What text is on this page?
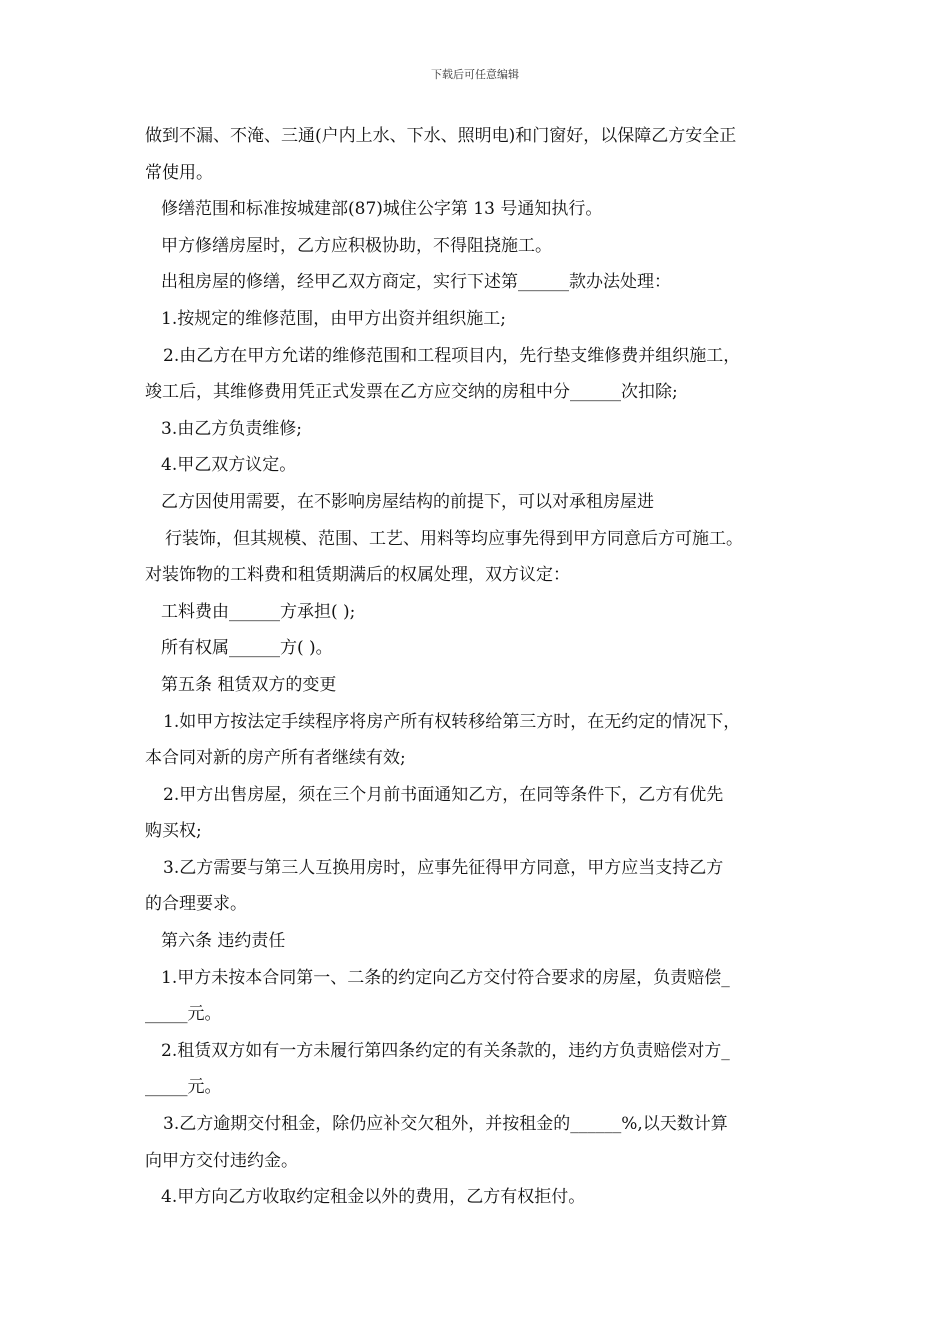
下载后可任意编辑
做到不漏、不淹、三通(户内上水、下水、照明电)和门窗好，以保障乙方安全正
常使用。
修缮范围和标准按城建部(87)城住公字第 13 号通知执行。
甲方修缮房屋时，乙方应积极协助，不得阻挠施工。
出租房屋的修缮，经甲乙双方商定，实行下述第______款办法处理：
1.按规定的维修范围，由甲方出资并组织施工;
2.由乙方在甲方允诺的维修范围和工程项目内，先行垫支维修费并组织施工，
竣工后，其维修费用凭正式发票在乙方应交纳的房租中分______次扣除;
3.由乙方负责维修;
4.甲乙双方议定。
乙方因使用需要，在不影响房屋结构的前提下，可以对承租房屋进
行装饰，但其规模、范围、工艺、用料等均应事先得到甲方同意后方可施工。
对装饰物的工料费和租赁期满后的权属处理，双方议定：
工料费由______方承担( );
所有权属______方( )。
第五条 租赁双方的变更
1.如甲方按法定手续程序将房产所有权转移给第三方时，在无约定的情况下，
本合同对新的房产所有者继续有效;
2.甲方出售房屋，须在三个月前书面通知乙方，在同等条件下，乙方有优先
购买权;
3.乙方需要与第三人互换用房时，应事先征得甲方同意，甲方应当支持乙方
的合理要求。
第六条 违约责任
1.甲方未按本合同第一、二条的约定向乙方交付符合要求的房屋，负责赔偿_
_____元。
2.租赁双方如有一方未履行第四条约定的有关条款的，违约方负责赔偿对方_
_____元。
3.乙方逾期交付租金，除仍应补交欠租外，并按租金的______%,以天数计算
向甲方交付违约金。
4.甲方向乙方收取约定租金以外的费用，乙方有权拒付。
